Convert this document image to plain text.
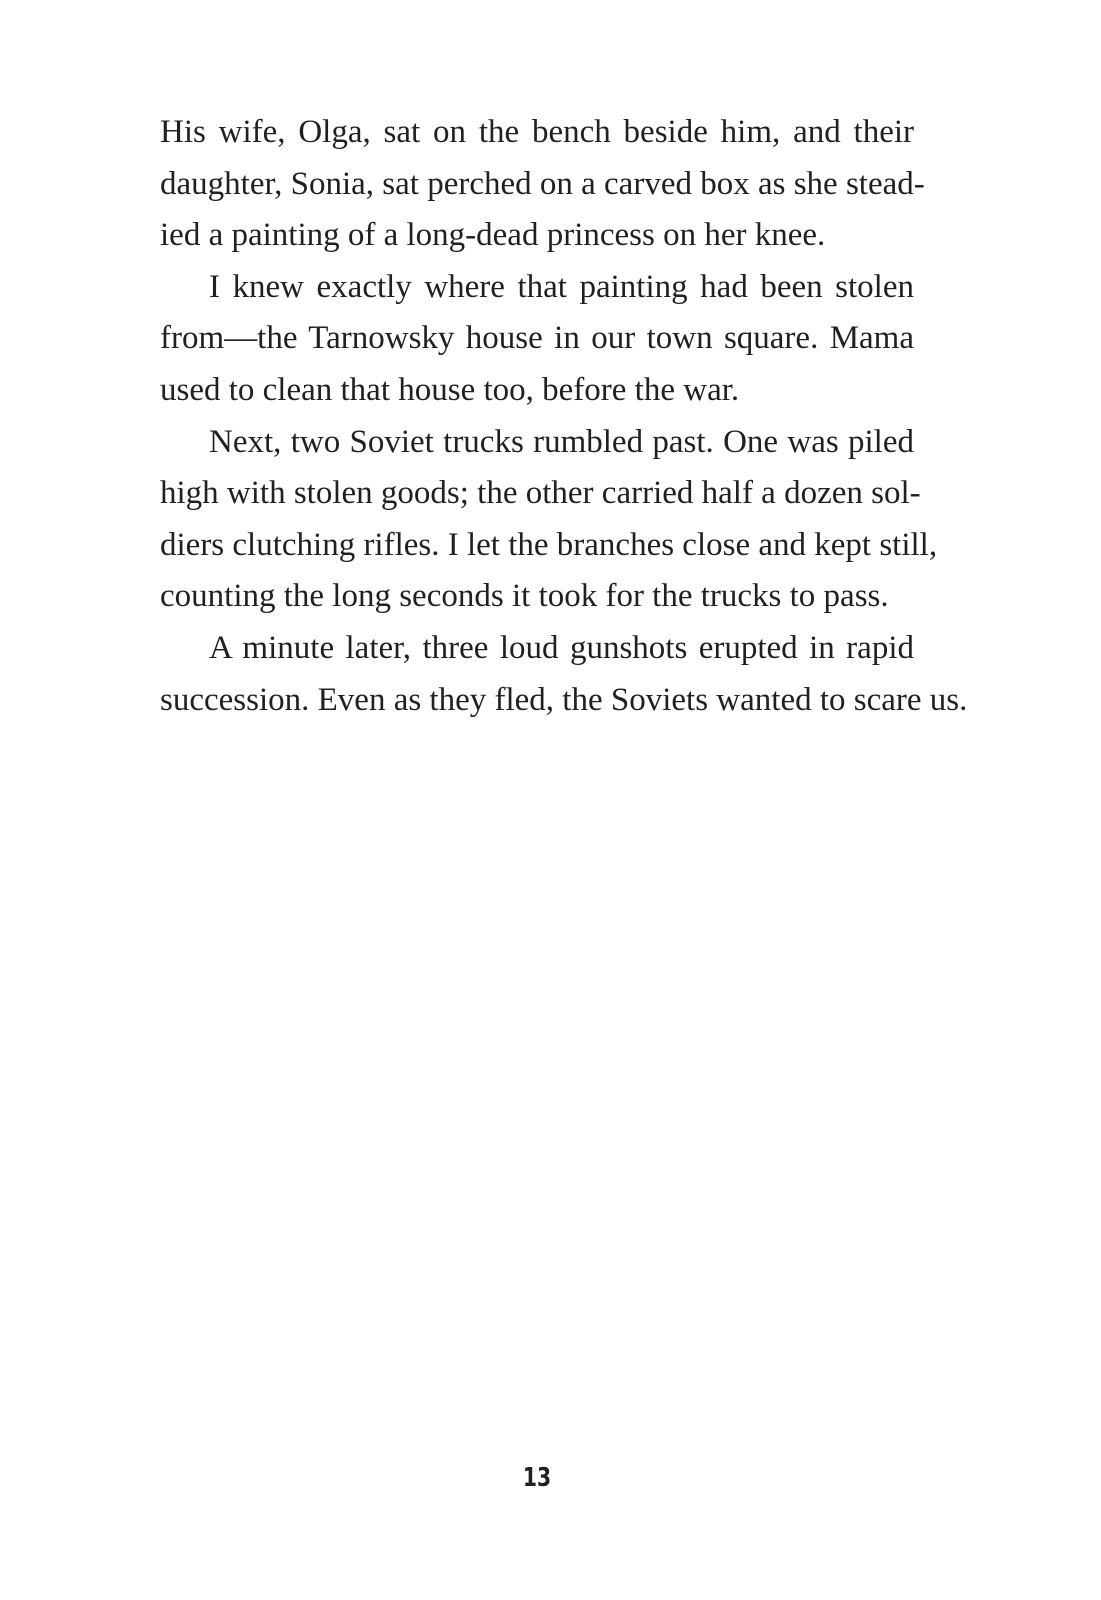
His wife, Olga, sat on the bench beside him, and their
daughter, Sonia, sat perched on a carved box as she stead-
ied a painting of a long-dead princess on her knee.
I knew exactly where that painting had been stolen
from—the Tarnowsky house in our town square. Mama
used to clean that house too, before the war.
Next, two Soviet trucks rumbled past. One was piled
high with stolen goods; the other carried half a dozen sol-
diers clutching rifles. I let the branches close and kept still,
counting the long seconds it took for the trucks to pass.
A minute later, three loud gunshots erupted in rapid
succession. Even as they fled, the Soviets wanted to scare us.
13
